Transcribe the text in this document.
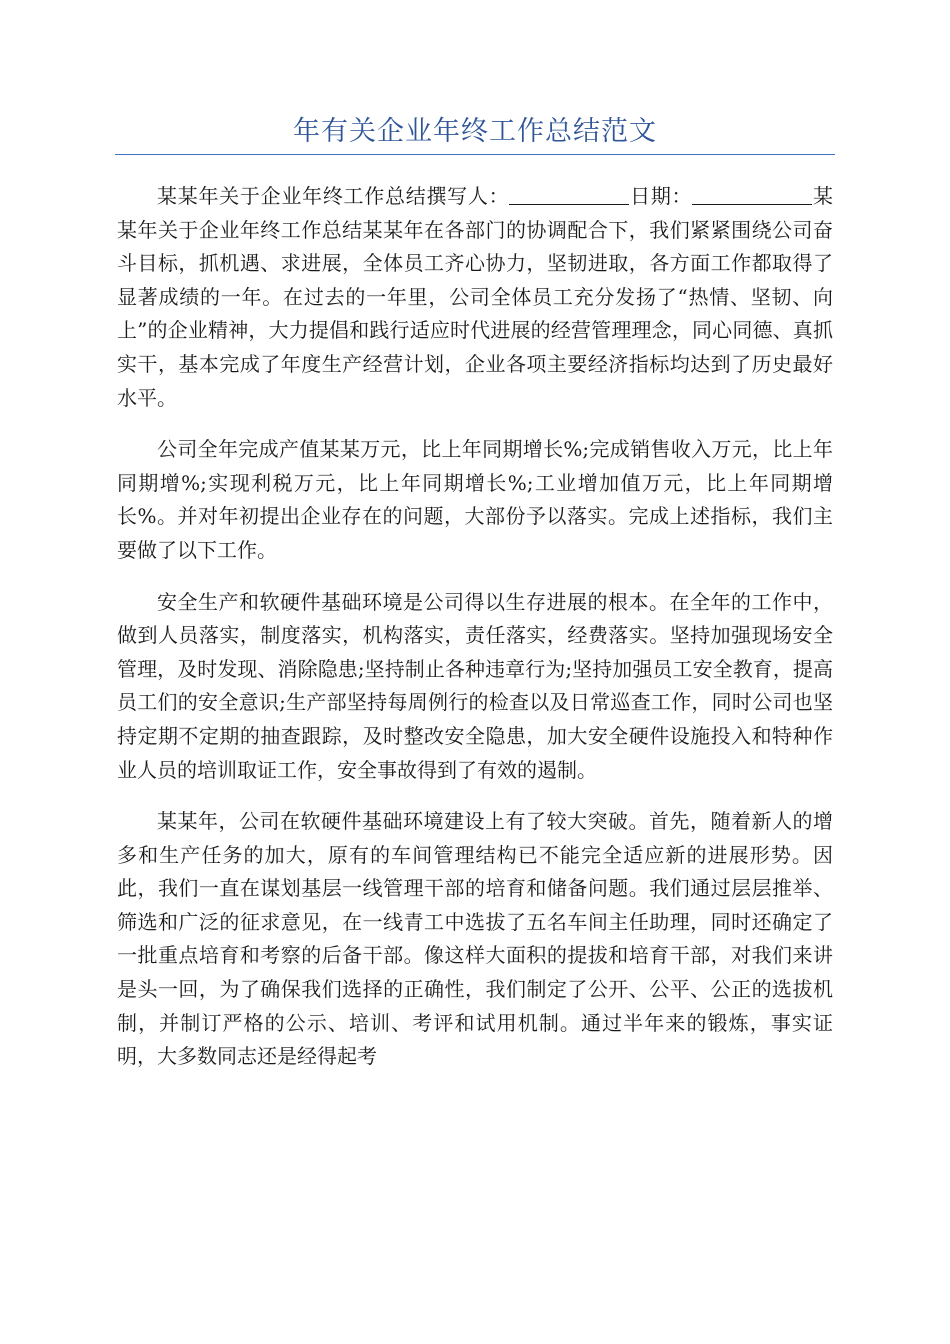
年有关企业年终工作总结范文

某某年关于企业年终工作总结撰写人：	日期：	某某年关于企业年终工作总结某某年在各部门的协调配合下，我们紧紧围绕公司奋斗目标，抓机遇、求进展，全体员工齐心协力，坚韧进取，各方面工作都取得了显著成绩的一年。在过去的一年里，公司全体员工充分发扬了“热情、坚韧、向上”的企业精神，大力提倡和践行适应时代进展的经营管理理念，同心同德、真抓实干，基本完成了年度生产经营计划，企业各项主要经济指标均达到了历史最好水平。

公司全年完成产值某某万元，比上年同期增长%;完成销售收入万元，比上年同期增%;实现利税万元，比上年同期增长%;工业增加值万元，比上年同期增长%。并对年初提出企业存在的问题，大部份予以落实。完成上述指标，我们主要做了以下工作。

安全生产和软硬件基础环境是公司得以生存进展的根本。在全年的工作中，做到人员落实，制度落实，机构落实，责任落实，经费落实。坚持加强现场安全管理，及时发现、消除隐患;坚持制止各种违章行为;坚持加强员工安全教育，提高员工们的安全意识;生产部坚持每周例行的检查以及日常巡查工作，同时公司也坚持定期不定期的抽查跟踪，及时整改安全隐患，加大安全硬件设施投入和特种作业人员的培训取证工作，安全事故得到了有效的遏制。

某某年，公司在软硬件基础环境建设上有了较大突破。首先，随着新人的增多和生产任务的加大，原有的车间管理结构已不能完全适应新的进展形势。因此，我们一直在谋划基层一线管理干部的培育和储备问题。我们通过层层推举、筛选和广泛的征求意见，在一线青工中选拔了五名车间主任助理，同时还确定了一批重点培育和考察的后备干部。像这样大面积的提拔和培育干部，对我们来讲是头一回，为了确保我们选择的正确性，我们制定了公开、公平、公正的选拔机制，并制订严格的公示、培训、考评和试用机制。通过半年来的锻炼，事实证明，大多数同志还是经得起考
